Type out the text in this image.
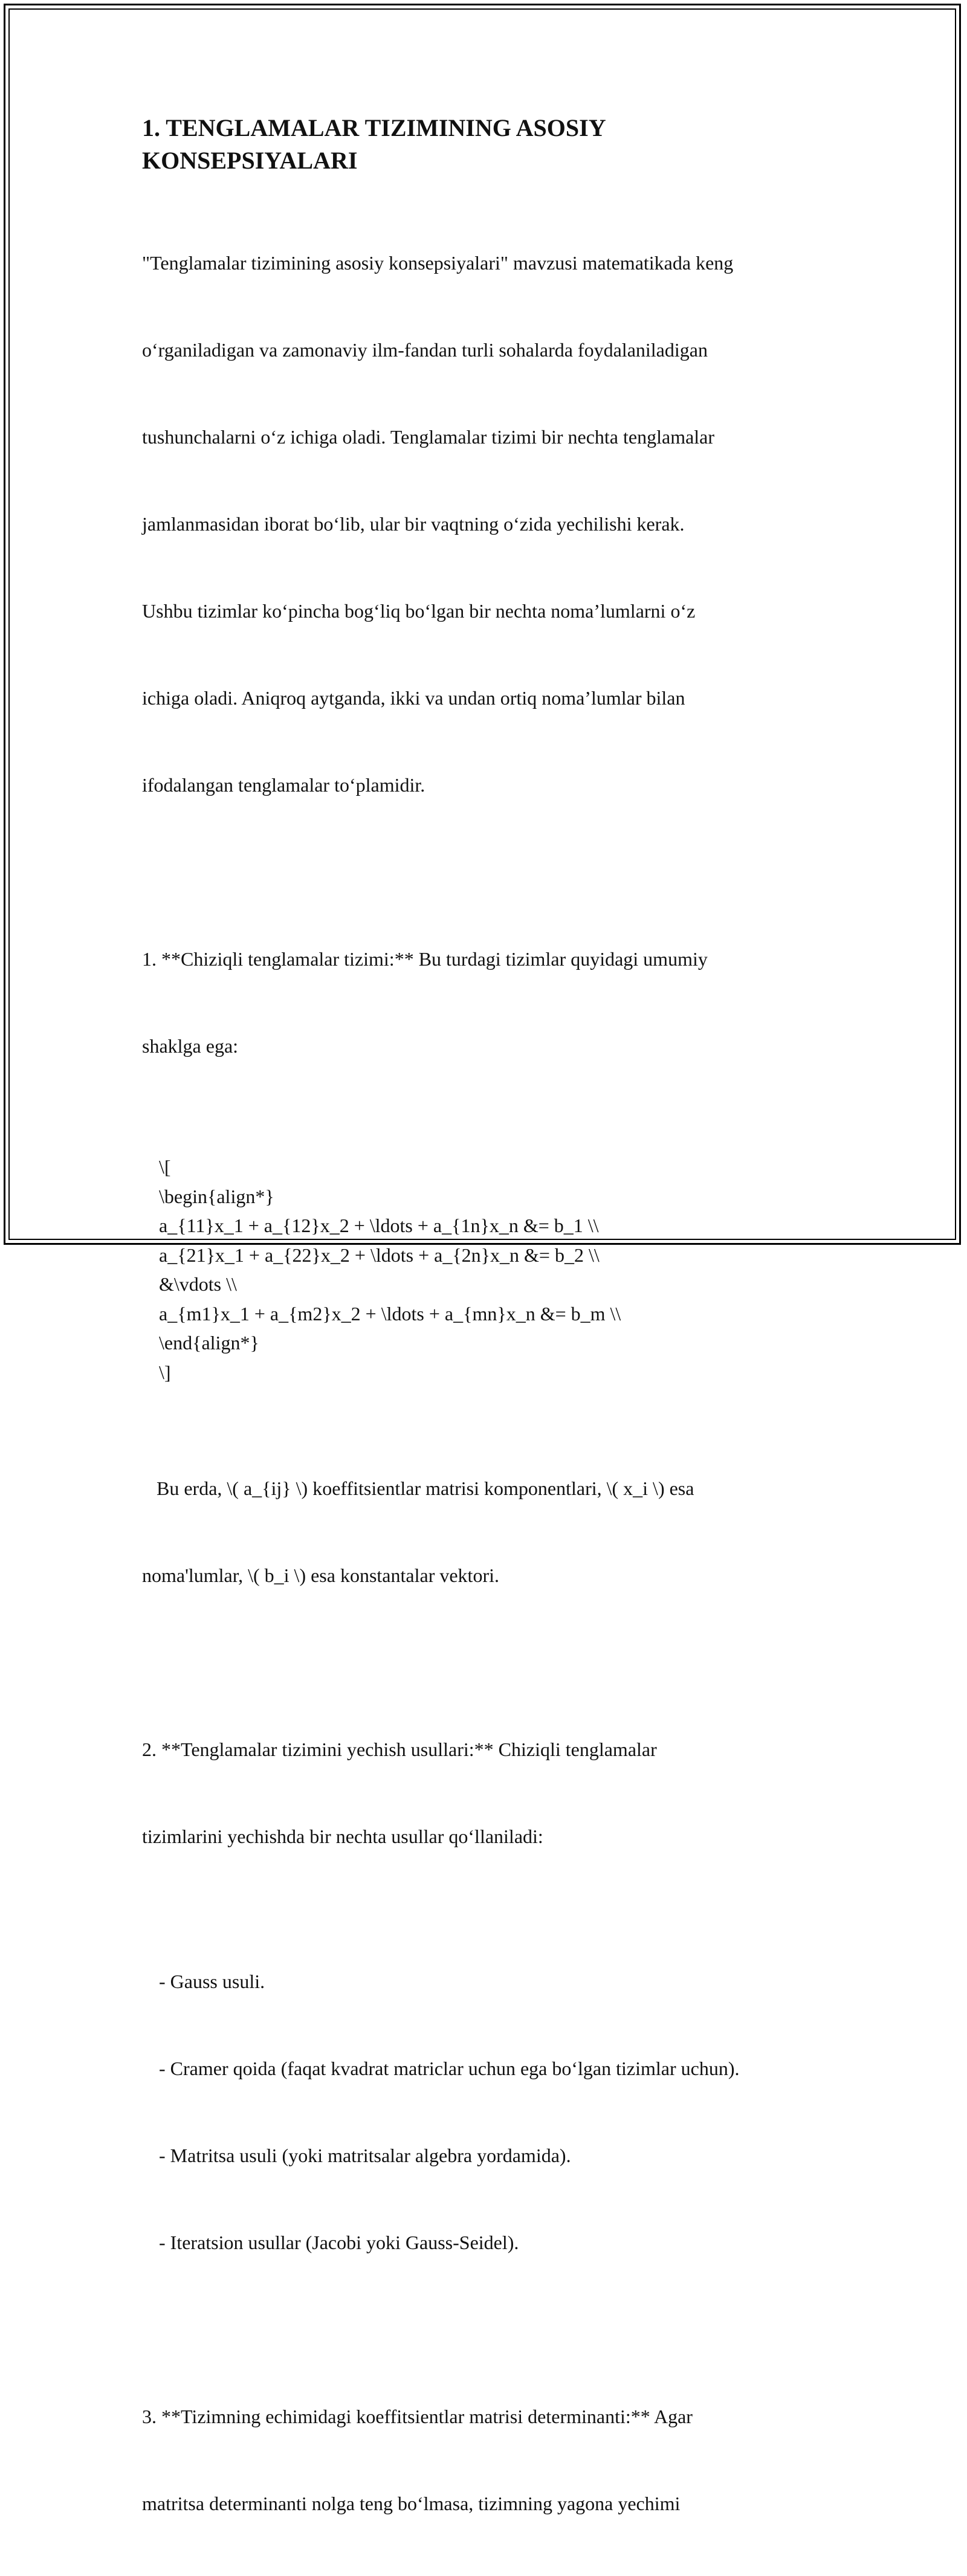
1. TENGLAMALAR TIZIMINING ASOSIY
KONSEPSIYALARI

"Tenglamalar tizimining asosiy konsepsiyalari" mavzusi matematikada keng

o‘rganiladigan va zamonaviy ilm-fandan turli sohalarda foydalaniladigan

tushunchalarni o‘z ichiga oladi. Tenglamalar tizimi bir nechta tenglamalar

jamlanmasidan iborat bo‘lib, ular bir vaqtning o‘zida yechilishi kerak.

Ushbu tizimlar ko‘pincha bog‘liq bo‘lgan bir nechta noma’lumlarni o‘z

ichiga oladi. Aniqroq aytganda, ikki va undan ortiq noma’lumlar bilan

ifodalangan tenglamalar to‘plamidir.

1. **Chiziqli tenglamalar tizimi:** Bu turdagi tizimlar quyidagi umumiy

shaklga ega:

\[
\begin{align*}
a_{11}x_1 + a_{12}x_2 + \ldots + a_{1n}x_n &= b_1 \\
a_{21}x_1 + a_{22}x_2 + \ldots + a_{2n}x_n &= b_2 \\
&\vdots \\
a_{m1}x_1 + a_{m2}x_2 + \ldots + a_{mn}x_n &= b_m \\
\end{align*}
\]

Bu erda, \( a_{ij} \) koeffitsientlar matrisi komponentlari, \( x_i \) esa

noma'lumlar, \( b_i \) esa konstantalar vektori.

2. **Tenglamalar tizimini yechish usullari:** Chiziqli tenglamalar

tizimlarini yechishda bir nechta usullar qo‘llaniladi:

- Gauss usuli.

- Cramer qoida (faqat kvadrat matriclar uchun ega bo‘lgan tizimlar uchun).

- Matritsa usuli (yoki matritsalar algebra yordamida).

- Iteratsion usullar (Jacobi yoki Gauss-Seidel).

3. **Tizimning echimidagi koeffitsientlar matrisi determinanti:** Agar

matritsa determinanti nolga teng bo‘lmasa, tizimning yagona yechimi
